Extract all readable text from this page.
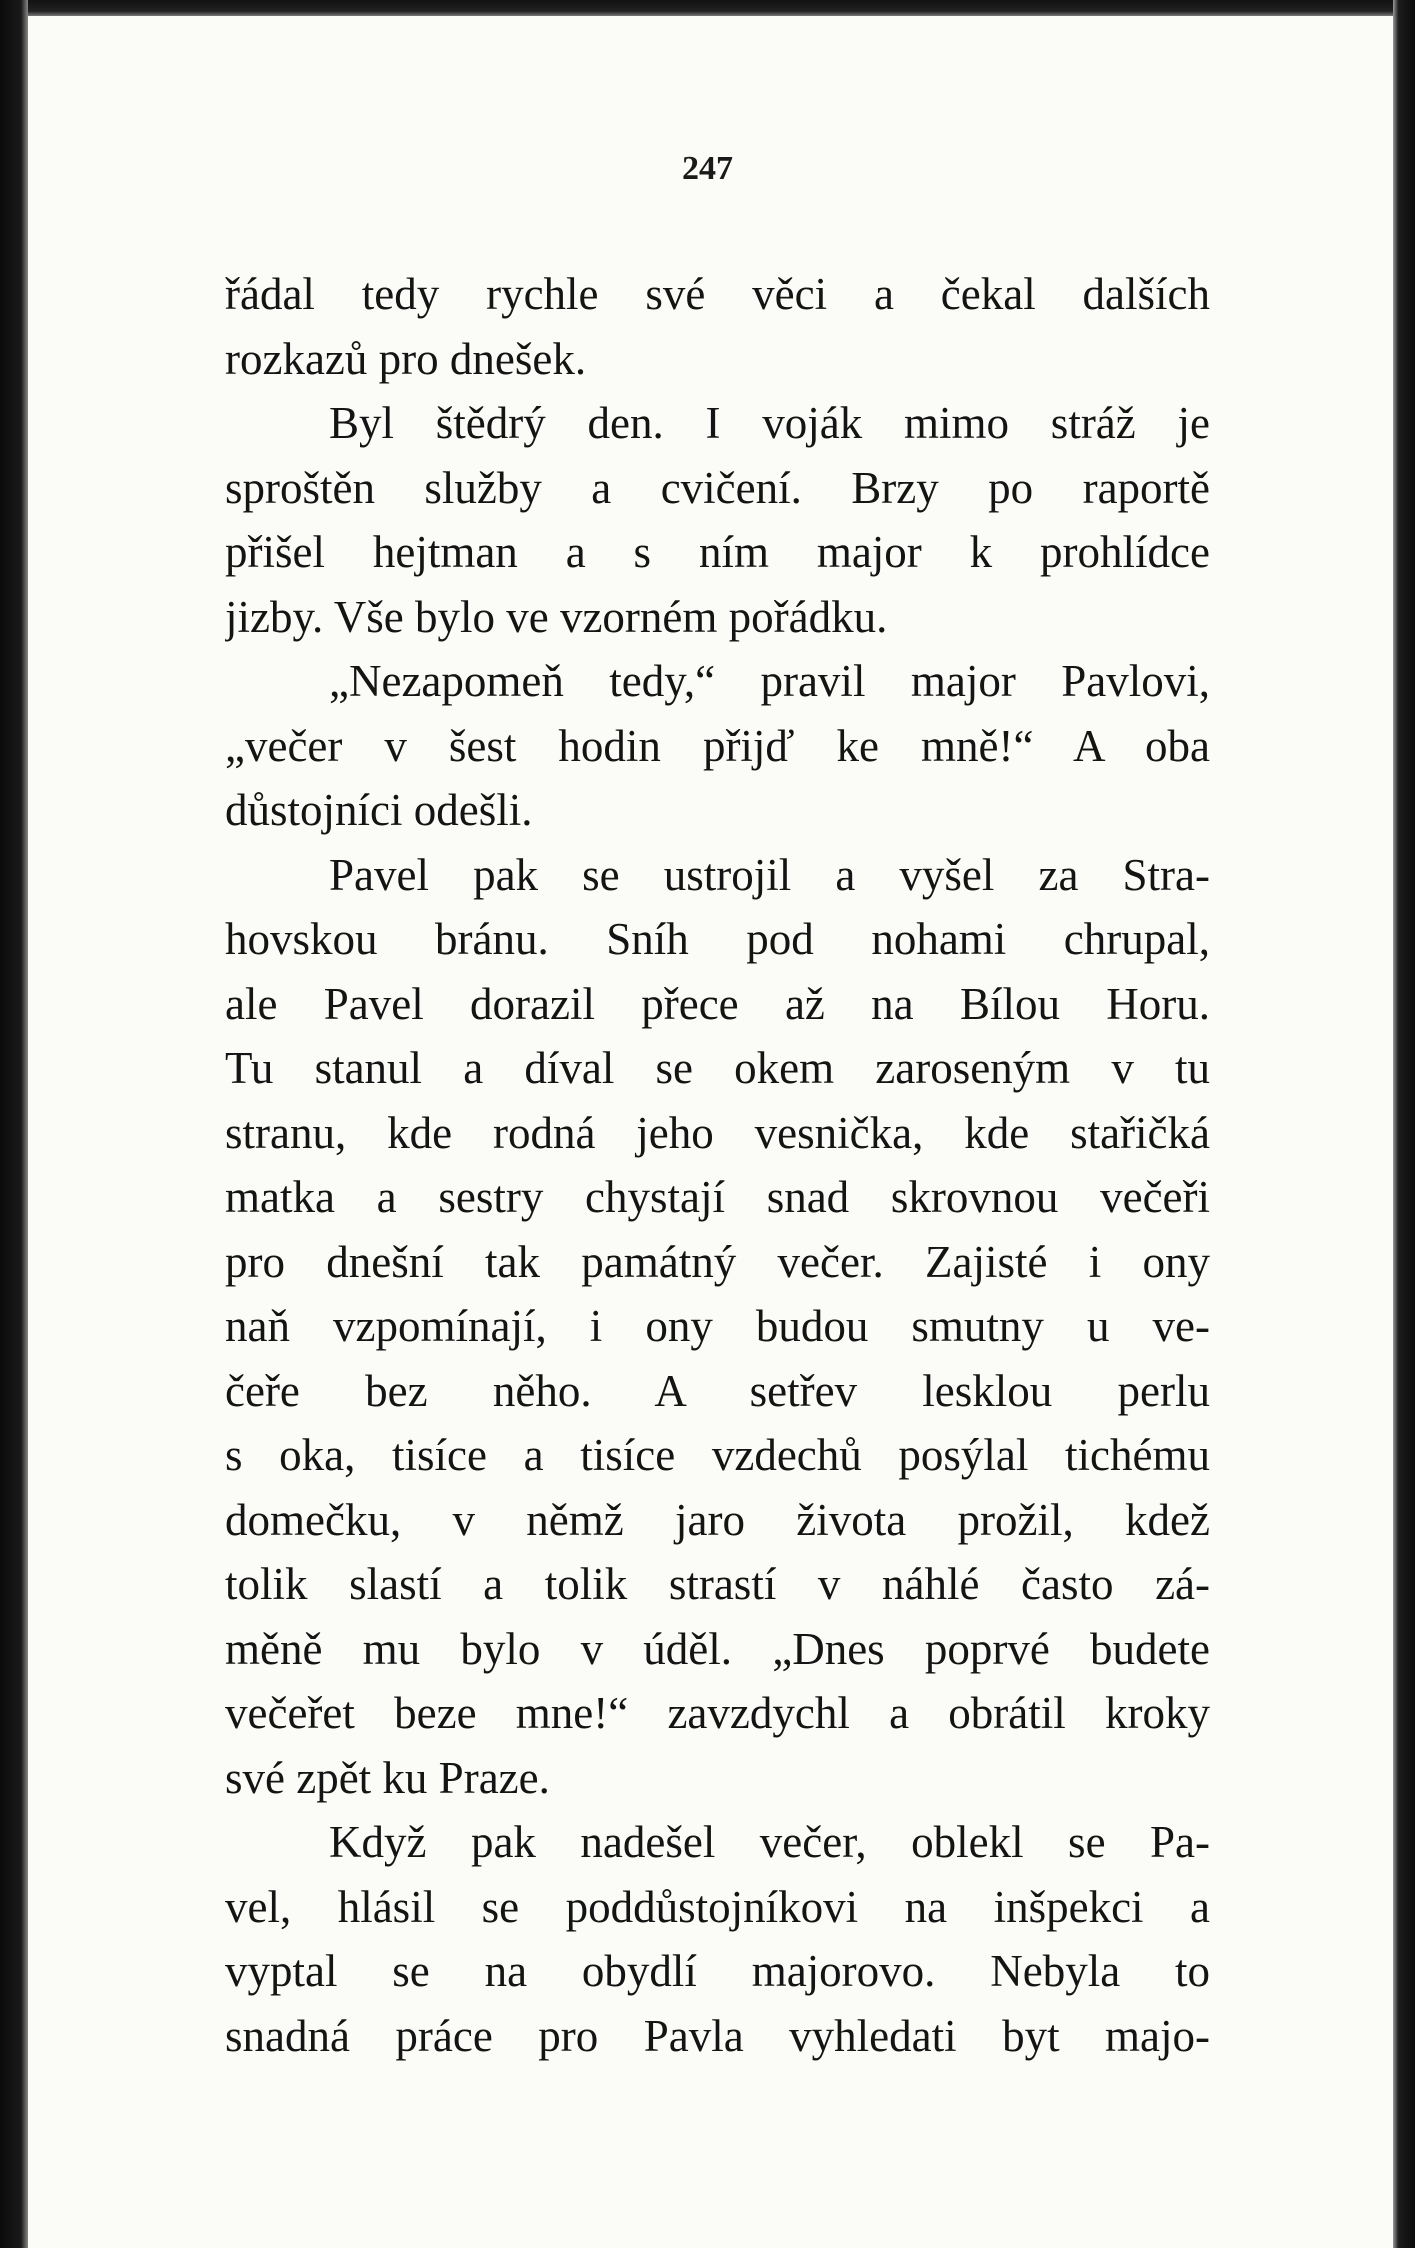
247
řádal tedy rychle své věci a čekal dalších
rozkazů pro dnešek.
Byl štědrý den. I voják mimo stráž je
sproštěn služby a cvičení. Brzy po raportě
přišel hejtman a s ním major k prohlídce
jizby. Vše bylo ve vzorném pořádku.
„Nezapomeň tedy,“ pravil major Pavlovi,
„večer v šest hodin přijď ke mně!“ A oba
důstojníci odešli.
Pavel pak se ustrojil a vyšel za Stra-
hovskou bránu. Sníh pod nohami chrupal,
ale Pavel dorazil přece až na Bílou Horu.
Tu stanul a díval se okem zaroseným v tu
stranu, kde rodná jeho vesnička, kde stařičká
matka a sestry chystají snad skrovnou večeři
pro dnešní tak památný večer. Zajisté i ony
naň vzpomínají, i ony budou smutny u ve-
čeře bez něho. A setřev lesklou perlu
s oka, tisíce a tisíce vzdechů posýlal tichému
domečku, v němž jaro života prožil, kdež
tolik slastí a tolik strastí v náhlé často zá-
měně mu bylo v úděl. „Dnes poprvé budete
večeřet beze mne!“ zavzdychl a obrátil kroky
své zpět ku Praze.
Když pak nadešel večer, oblekl se Pa-
vel, hlásil se poddůstojníkovi na inšpekci a
vyptal se na obydlí majorovo. Nebyla to
snadná práce pro Pavla vyhledati byt majo-
